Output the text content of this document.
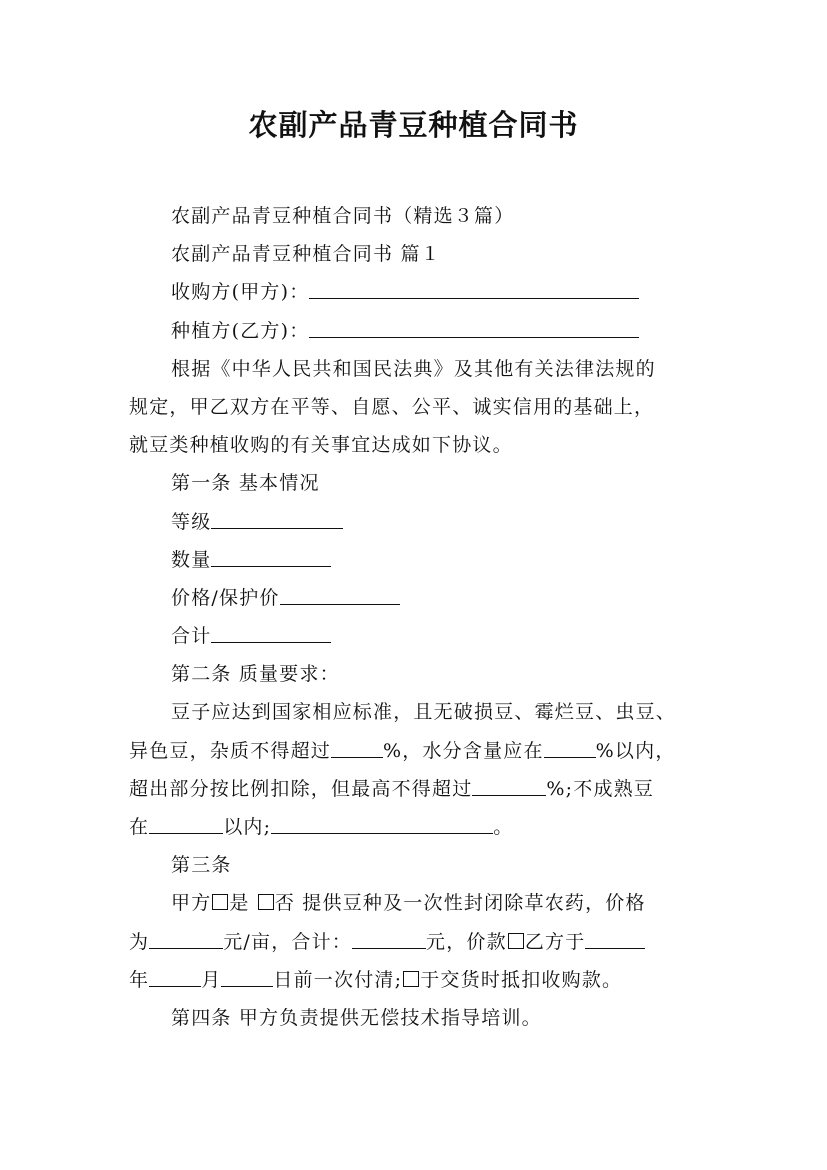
农副产品青豆种植合同书
农副产品青豆种植合同书（精选３篇）
农副产品青豆种植合同书 篇１
收购方(甲方)：
种植方(乙方)：
根据《中华人民共和国民法典》及其他有关法律法规的
规定，甲乙双方在平等、自愿、公平、诚实信用的基础上，
就豆类种植收购的有关事宜达成如下协议。
第一条 基本情况
等级
数量
价格/保护价
合计
第二条 质量要求：
豆子应达到国家相应标准，且无破损豆、霉烂豆、虫豆、
异色豆，杂质不得超过	%，水分含量应在	%以内，
超出部分按比例扣除，但最高不得超过	%;不成熟豆
在	以内;	。
第三条
甲方 是 否 提供豆种及一次性封闭除草农药，价格
为	元/亩，合计：	元，价款 乙方于
年	月	日前一次付清; 于交货时抵扣收购款。
第四条 甲方负责提供无偿技术指导培训。
